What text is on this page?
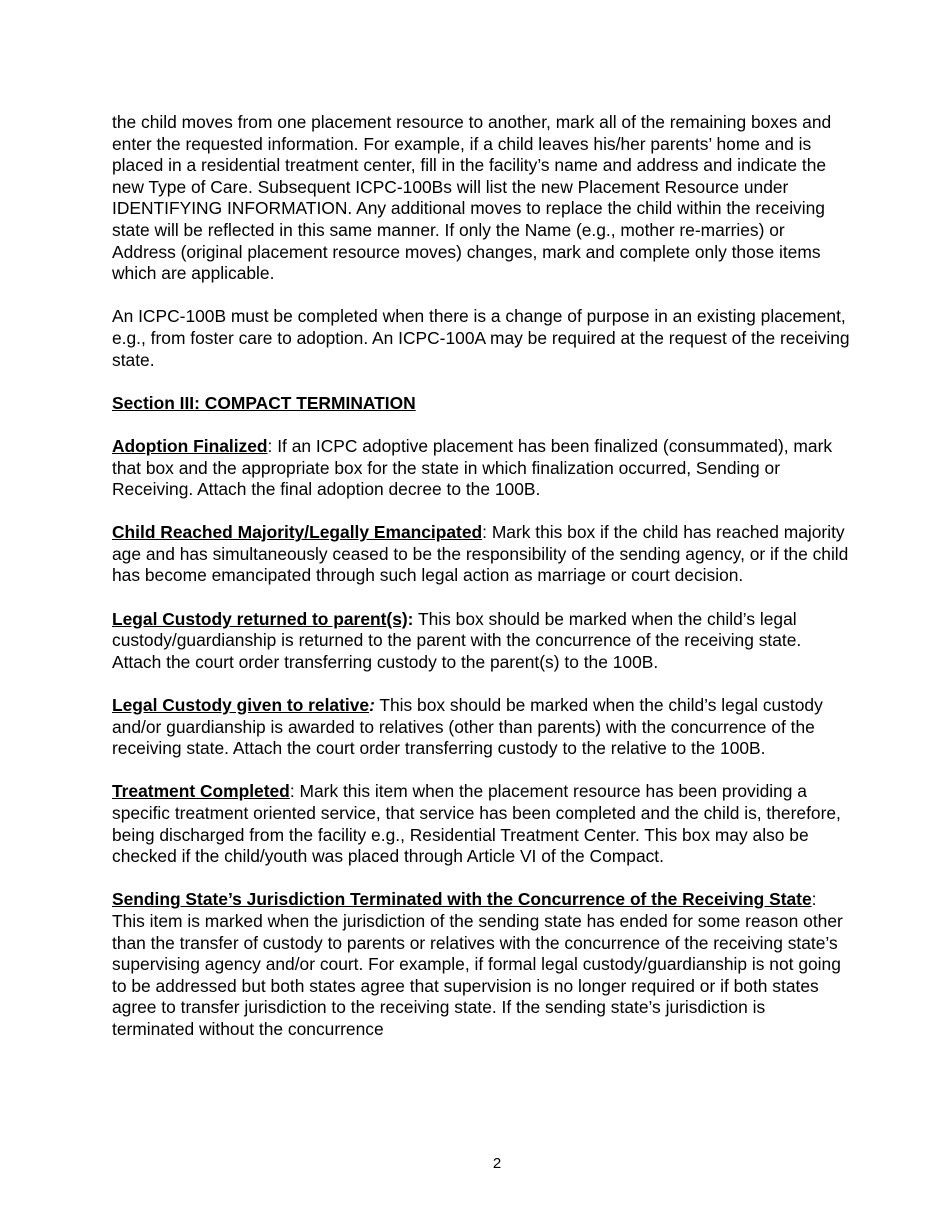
the child moves from one placement resource to another, mark all of the remaining boxes and enter the requested information. For example, if a child leaves his/her parents’ home and is placed in a residential treatment center, fill in the facility’s name and address and indicate the new Type of Care. Subsequent ICPC-100Bs will list the new Placement Resource under IDENTIFYING INFORMATION. Any additional moves to replace the child within the receiving state will be reflected in this same manner. If only the Name (e.g., mother re-marries) or Address (original placement resource moves) changes, mark and complete only those items which are applicable.

An ICPC-100B must be completed when there is a change of purpose in an existing placement, e.g., from foster care to adoption. An ICPC-100A may be required at the request of the receiving state.

Section III: COMPACT TERMINATION

Adoption Finalized: If an ICPC adoptive placement has been finalized (consummated), mark that box and the appropriate box for the state in which finalization occurred, Sending or Receiving. Attach the final adoption decree to the 100B.

Child Reached Majority/Legally Emancipated: Mark this box if the child has reached majority age and has simultaneously ceased to be the responsibility of the sending agency, or if the child has become emancipated through such legal action as marriage or court decision.

Legal Custody returned to parent(s): This box should be marked when the child’s legal custody/guardianship is returned to the parent with the concurrence of the receiving state. Attach the court order transferring custody to the parent(s) to the 100B.

Legal Custody given to relative: This box should be marked when the child’s legal custody and/or guardianship is awarded to relatives (other than parents) with the concurrence of the receiving state. Attach the court order transferring custody to the relative to the 100B.

Treatment Completed: Mark this item when the placement resource has been providing a specific treatment oriented service, that service has been completed and the child is, therefore, being discharged from the facility e.g., Residential Treatment Center. This box may also be checked if the child/youth was placed through Article VI of the Compact.

Sending State’s Jurisdiction Terminated with the Concurrence of the Receiving State: This item is marked when the jurisdiction of the sending state has ended for some reason other than the transfer of custody to parents or relatives with the concurrence of the receiving state’s supervising agency and/or court. For example, if formal legal custody/guardianship is not going to be addressed but both states agree that supervision is no longer required or if both states agree to transfer jurisdiction to the receiving state. If the sending state’s jurisdiction is terminated without the concurrence

2
